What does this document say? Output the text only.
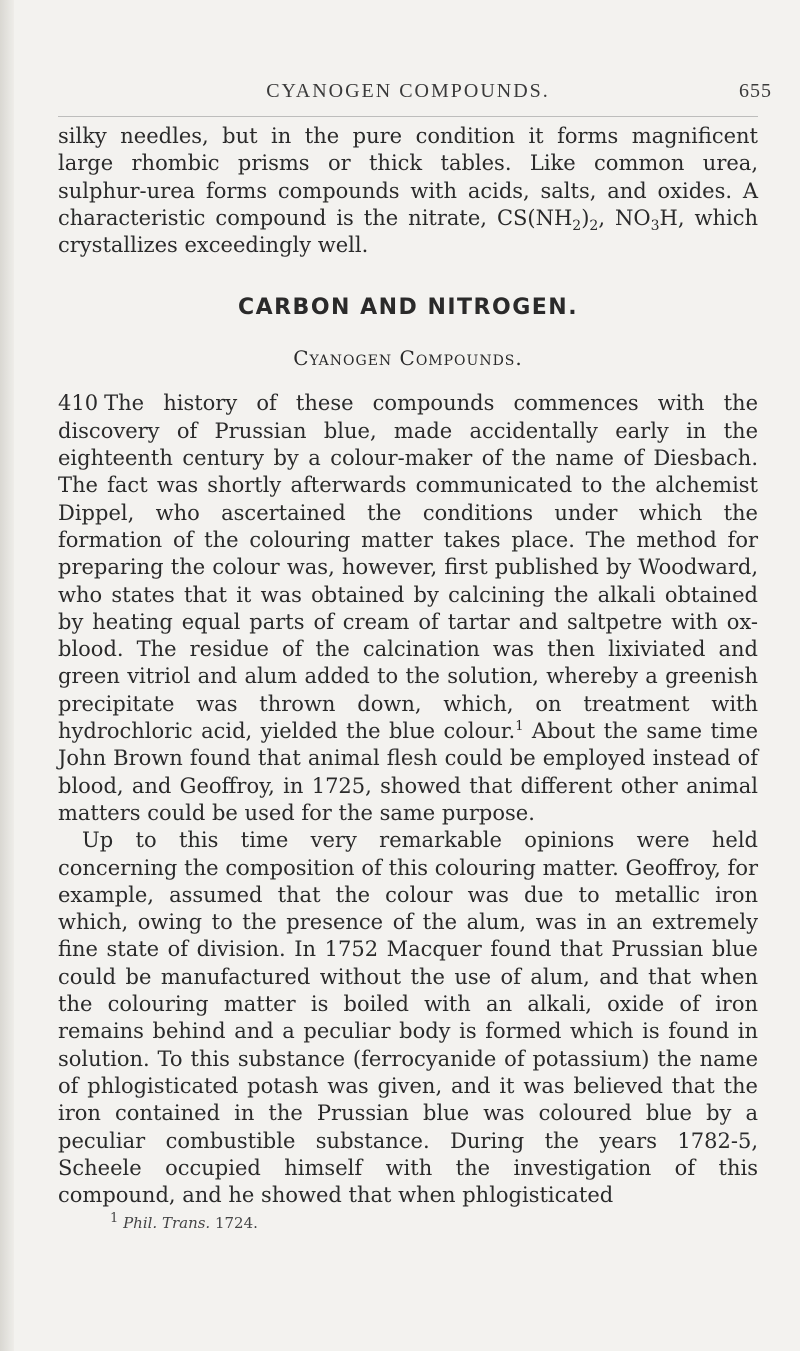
CYANOGEN COMPOUNDS.	655

silky needles, but in the pure condition it forms magnificent large rhombic prisms or thick tables. Like common urea, sulphur-urea forms compounds with acids, salts, and oxides. A characteristic compound is the nitrate, $CS(NH_2)_2$, $NO_3H$, which crystallizes exceedingly well.

CARBON AND NITROGEN.
Cyanogen Compounds.

410 The history of these compounds commences with the discovery of Prussian blue, made accidentally early in the eighteenth century by a colour-maker of the name of Diesbach. The fact was shortly afterwards communicated to the alchemist Dippel, who ascertained the conditions under which the formation of the colouring matter takes place. The method for preparing the colour was, however, first published by Woodward, who states that it was obtained by calcining the alkali obtained by heating equal parts of cream of tartar and saltpetre with ox-blood. The residue of the calcination was then lixiviated and green vitriol and alum added to the solution, whereby a greenish precipitate was thrown down, which, on treatment with hydrochloric acid, yielded the blue colour.$^1$ About the same time John Brown found that animal flesh could be employed instead of blood, and Geoffroy, in 1725, showed that different other animal matters could be used for the same purpose.

Up to this time very remarkable opinions were held concerning the composition of this colouring matter. Geoffroy, for example, assumed that the colour was due to metallic iron which, owing to the presence of the alum, was in an extremely fine state of division. In 1752 Macquer found that Prussian blue could be manufactured without the use of alum, and that when the colouring matter is boiled with an alkali, oxide of iron remains behind and a peculiar body is formed which is found in solution. To this substance (ferrocyanide of potassium) the name of phlogisticated potash was given, and it was believed that the iron contained in the Prussian blue was coloured blue by a peculiar combustible substance. During the years 1782-5, Scheele occupied himself with the investigation of this compound, and he showed that when phlogisticated

$^1$ Phil. Trans. 1724.
